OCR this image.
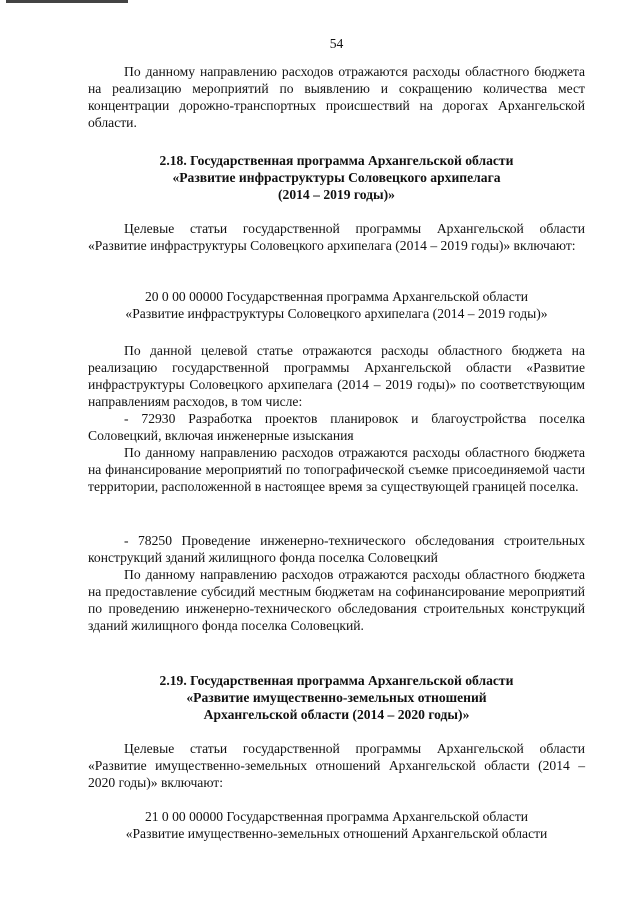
54
По данному направлению расходов отражаются расходы областного бюджета на реализацию мероприятий по выявлению и сокращению количества мест концентрации дорожно-транспортных происшествий на дорогах Архангельской области.
2.18. Государственная программа Архангельской области
«Развитие инфраструктуры Соловецкого архипелага
(2014 – 2019 годы)»
Целевые статьи государственной программы Архангельской области «Развитие инфраструктуры Соловецкого архипелага (2014 – 2019 годы)» включают:
20 0 00 00000 Государственная программа Архангельской области
«Развитие инфраструктуры Соловецкого архипелага (2014 – 2019 годы)»
По данной целевой статье отражаются расходы областного бюджета на реализацию государственной программы Архангельской области «Развитие инфраструктуры Соловецкого архипелага (2014 – 2019 годы)» по соответствующим направлениям расходов, в том числе:
- 72930 Разработка проектов планировок и благоустройства поселка Соловецкий, включая инженерные изыскания
По данному направлению расходов отражаются расходы областного бюджета на финансирование мероприятий по топографической съемке присоединяемой части территории, расположенной в настоящее время за существующей границей поселка.
- 78250 Проведение инженерно-технического обследования строительных конструкций зданий жилищного фонда поселка Соловецкий
По данному направлению расходов отражаются расходы областного бюджета на предоставление субсидий местным бюджетам на софинансирование мероприятий по проведению инженерно-технического обследования строительных конструкций зданий жилищного фонда поселка Соловецкий.
2.19. Государственная программа Архангельской области
«Развитие имущественно-земельных отношений
Архангельской области (2014 – 2020 годы)»
Целевые статьи государственной программы Архангельской области «Развитие имущественно-земельных отношений Архангельской области (2014 – 2020 годы)» включают:
21 0 00 00000 Государственная программа Архангельской области
«Развитие имущественно-земельных отношений Архангельской области
